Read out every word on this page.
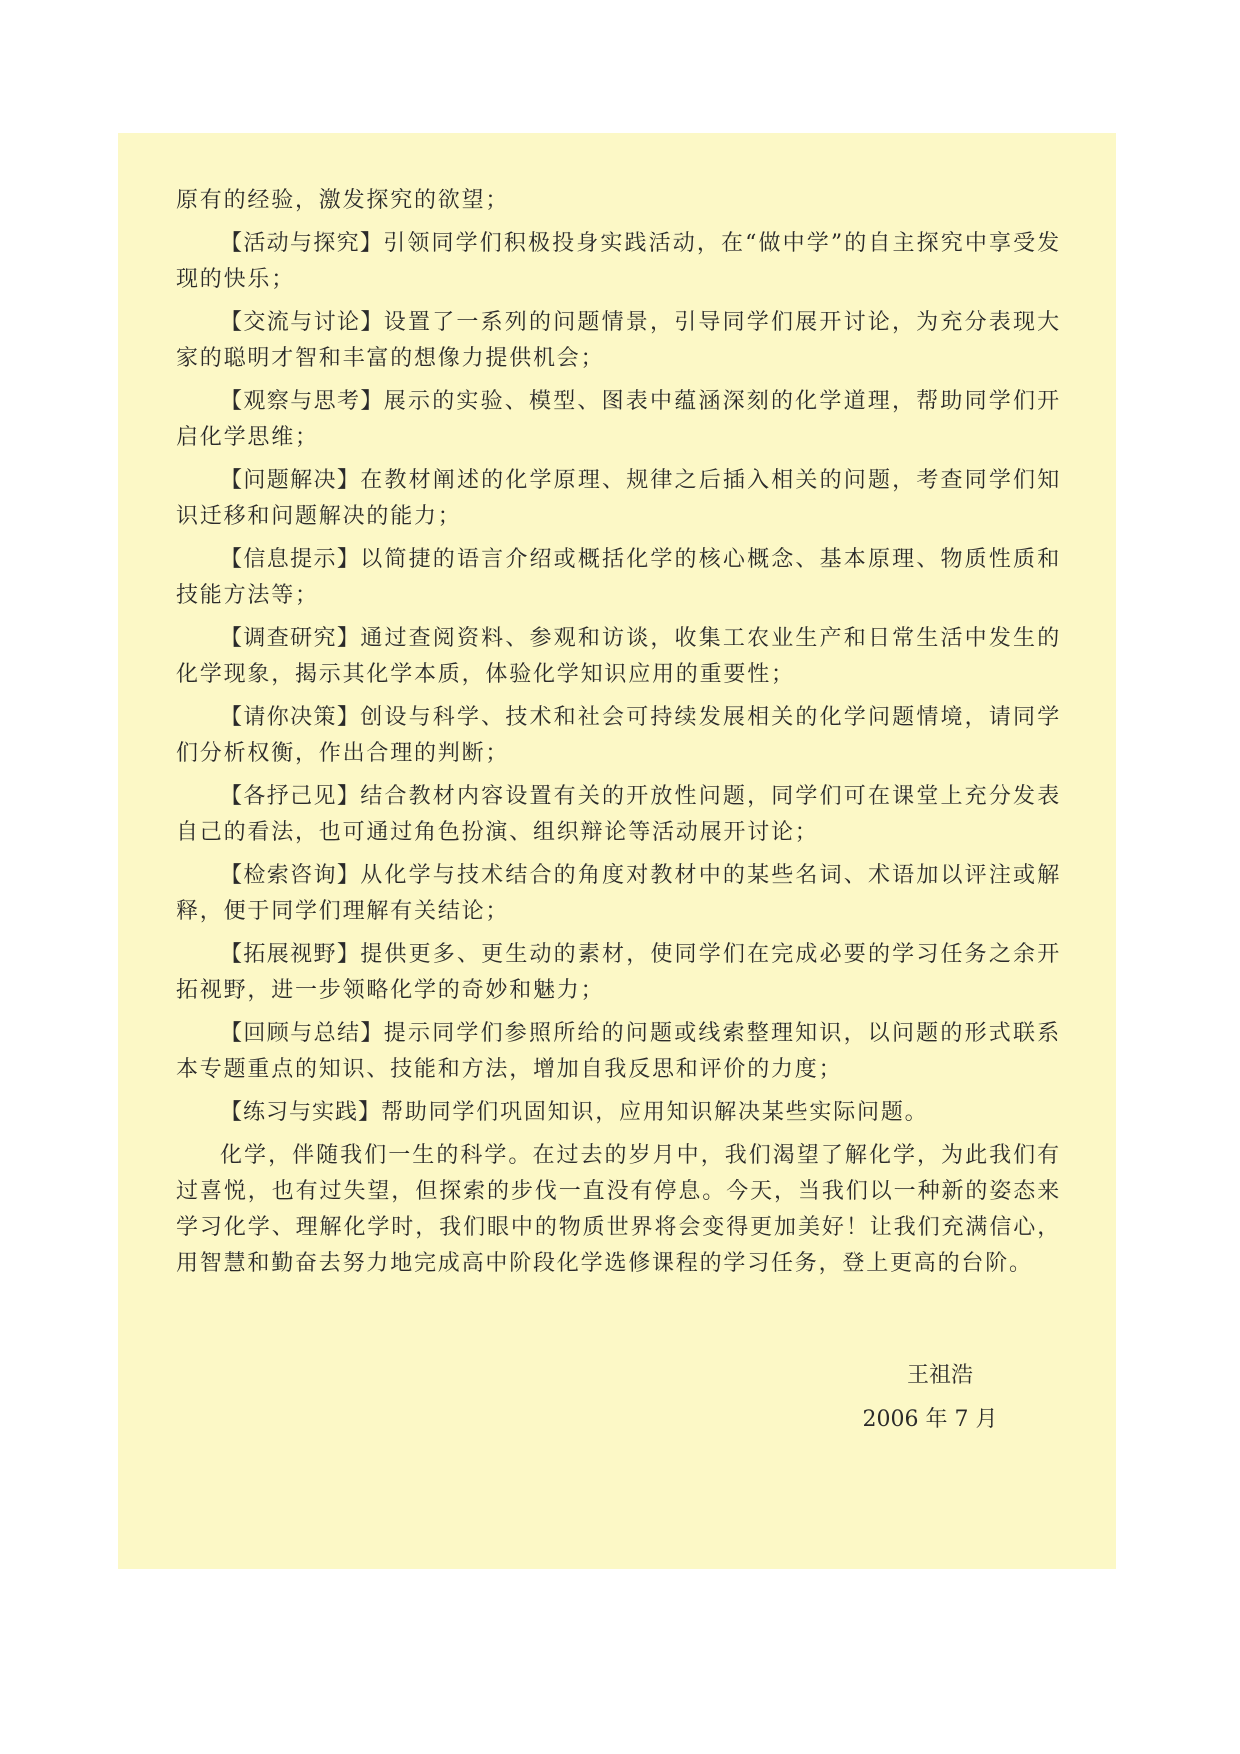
原有的经验，激发探究的欲望；

【活动与探究】引领同学们积极投身实践活动，在“做中学”的自主探究中享受发现的快乐；

【交流与讨论】设置了一系列的问题情景，引导同学们展开讨论，为充分表现大家的聪明才智和丰富的想像力提供机会；

【观察与思考】展示的实验、模型、图表中蕴涵深刻的化学道理，帮助同学们开启化学思维；

【问题解决】在教材阐述的化学原理、规律之后插入相关的问题，考查同学们知识迁移和问题解决的能力；

【信息提示】以简捷的语言介绍或概括化学的核心概念、基本原理、物质性质和技能方法等；

【调查研究】通过查阅资料、参观和访谈，收集工农业生产和日常生活中发生的化学现象，揭示其化学本质，体验化学知识应用的重要性；

【请你决策】创设与科学、技术和社会可持续发展相关的化学问题情境，请同学们分析权衡，作出合理的判断；

【各抒己见】结合教材内容设置有关的开放性问题，同学们可在课堂上充分发表自己的看法，也可通过角色扮演、组织辩论等活动展开讨论；

【检索咨询】从化学与技术结合的角度对教材中的某些名词、术语加以评注或解释，便于同学们理解有关结论；

【拓展视野】提供更多、更生动的素材，使同学们在完成必要的学习任务之余开拓视野，进一步领略化学的奇妙和魅力；

【回顾与总结】提示同学们参照所给的问题或线索整理知识，以问题的形式联系本专题重点的知识、技能和方法，增加自我反思和评价的力度；

【练习与实践】帮助同学们巩固知识，应用知识解决某些实际问题。

化学，伴随我们一生的科学。在过去的岁月中，我们渴望了解化学，为此我们有过喜悦，也有过失望，但探索的步伐一直没有停息。今天，当我们以一种新的姿态来学习化学、理解化学时，我们眼中的物质世界将会变得更加美好！让我们充满信心，用智慧和勤奋去努力地完成高中阶段化学选修课程的学习任务，登上更高的台阶。

王祖浩
2006 年 7 月
